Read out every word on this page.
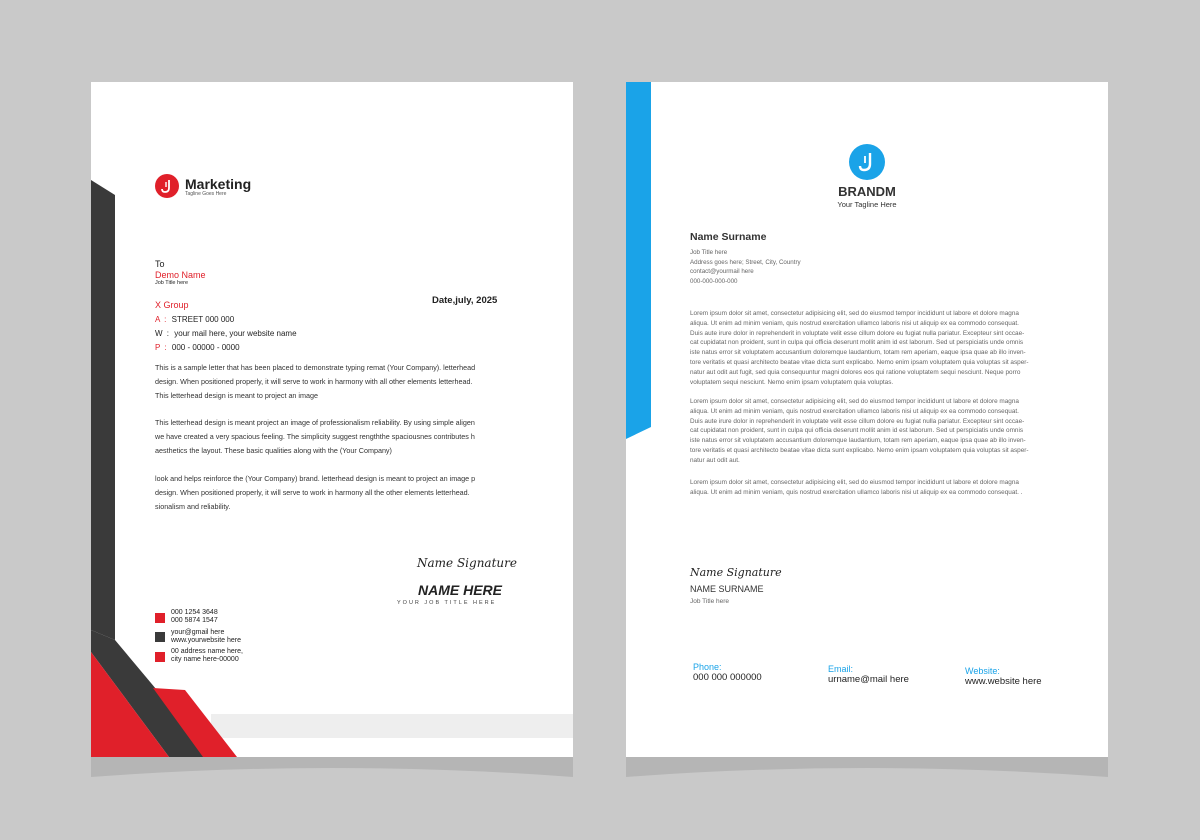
Marketing
Tagline Goes Here
To
Demo Name
Job Title here
X Group	Date,july, 2025
A : STREET 000 000
W : your mail here, your website name
P : 000 - 00000 - 0000
This is a sample letter that has been placed to demonstrate typing remat (Your Company). letterhead
design. When positioned properly, it will serve to work in harmony with all other elements letterhead.
This letterhead design is meant to project an image
This letterhead design is meant project an image of professionalism reliability. By using simple aligen
we have created a very spacious feeling. The simplicity suggest rengththe spaciousnes contributes h
aesthetics the layout. These basic qualities along with the (Your Company)
look and helps reinforce the (Your Company) brand. letterhead design is meant to project an image p
design. When positioned properly, it will serve to work in harmony all the other elements letterhead.
sionalism and reliability.
Name Signature
NAME HERE
YOUR JOB TITLE HERE
000 1254 3648
000 5874 1547
your@gmail here
www.yourwebsite here
00 address name here,
city name here-00000
BRANDM
Your Tagline Here
Name Surname
Job Title here
Address goes here; Street, City, Country
contact@yourmail here
000-000-000-000
Lorem ipsum dolor sit amet, consectetur adipisicing elit, sed do eiusmod tempor incididunt ut labore et dolore magna
aliqua. Ut enim ad minim veniam, quis nostrud exercitation ullamco laboris nisi ut aliquip ex ea commodo consequat.
Duis aute irure dolor in reprehenderit in voluptate velit esse cillum dolore eu fugiat nulla pariatur. Excepteur sint occae-
cat cupidatat non proident, sunt in culpa qui officia deserunt mollit anim id est laborum. Sed ut perspiciatis unde omnis
iste natus error sit voluptatem accusantium doloremque laudantium, totam rem aperiam, eaque ipsa quae ab illo inven-
tore veritatis et quasi architecto beatae vitae dicta sunt explicabo. Nemo enim ipsam voluptatem quia voluptas sit asper-
natur aut odit aut fugit, sed quia consequuntur magni dolores eos qui ratione voluptatem sequi nesciunt. Neque porro
voluptatem sequi nesciunt. Nemo enim ipsam voluptatem quia voluptas.
Lorem ipsum dolor sit amet, consectetur adipisicing elit, sed do eiusmod tempor incididunt ut labore et dolore magna
aliqua. Ut enim ad minim veniam, quis nostrud exercitation ullamco laboris nisi ut aliquip ex ea commodo consequat.
Duis aute irure dolor in reprehenderit in voluptate velit esse cillum dolore eu fugiat nulla pariatur. Excepteur sint occae-
cat cupidatat non proident, sunt in culpa qui officia deserunt mollit anim id est laborum. Sed ut perspiciatis unde omnis
iste natus error sit voluptatem accusantium doloremque laudantium, totam rem aperiam, eaque ipsa quae ab illo inven-
tore veritatis et quasi architecto beatae vitae dicta sunt explicabo. Nemo enim ipsam voluptatem quia voluptas sit asper-
natur aut odit aut.
Lorem ipsum dolor sit amet, consectetur adipisicing elit, sed do eiusmod tempor incididunt ut labore et dolore magna
aliqua. Ut enim ad minim veniam, quis nostrud exercitation ullamco laboris nisi ut aliquip ex ea commodo consequat. .
Name Signature
NAME SURNAME
Job Title here
Phone:
000 000 000000
Email:
urname@mail here
Website:
www.website here
